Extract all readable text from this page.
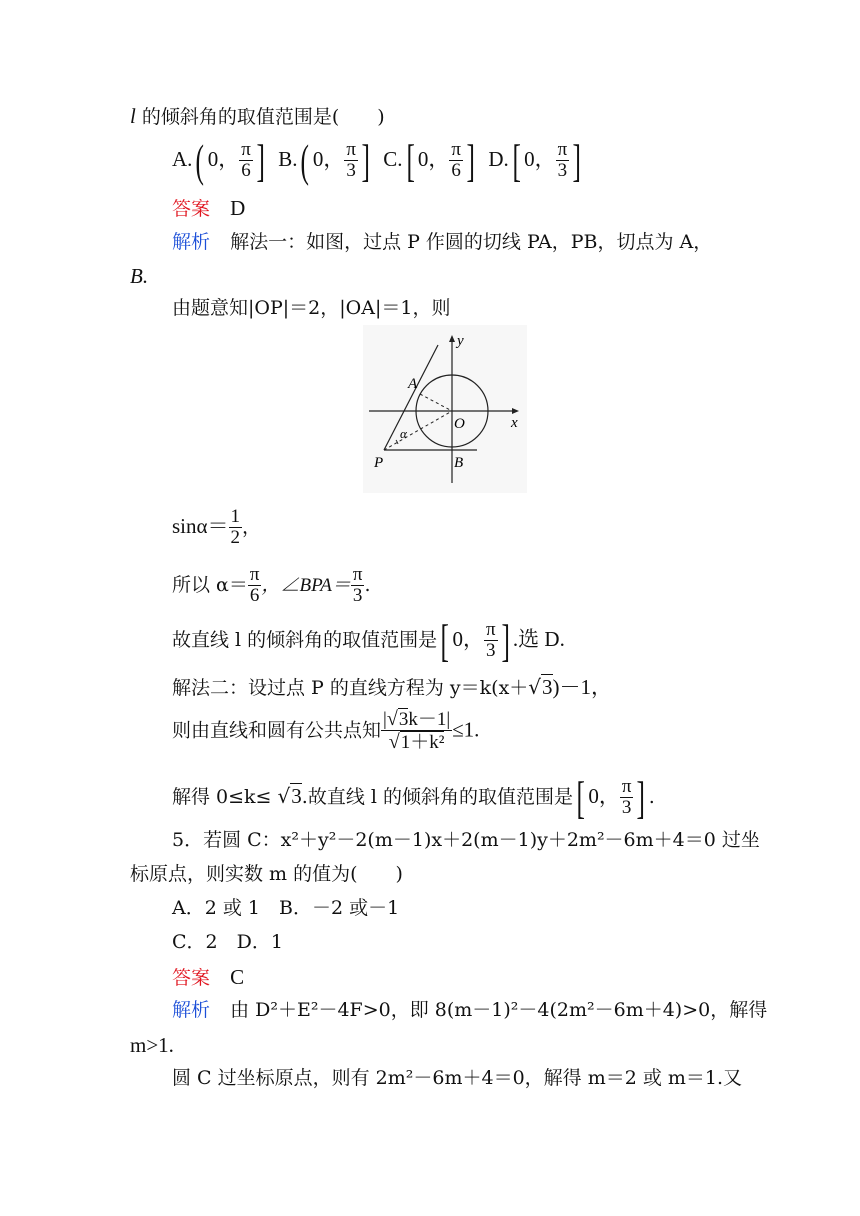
l 的倾斜角的取值范围是(　　)
A.( 0， $\frac{\pi}{6}$ ] B.( 0， $\frac{\pi}{3}$ ] C.[ 0， $\frac{\pi}{6}$ ] D.[ 0， $\frac{\pi}{3}$ ]
答案 D
解析 解法一：如图，过点 P 作圆的切线 PA，PB，切点为 A，
B.
由题意知|OP|＝2，|OA|＝1，则
y
x
A
O
P	B
α
$\sin\alpha= \frac{1}{2}$ ，
所以 $\alpha= \frac{\pi}{6}$ ，∠BPA＝ $\frac{\pi}{3}$ .
故直线 l 的倾斜角的取值范围是[ 0， $\frac{\pi}{3}$ ] .选 D.
解法二：设过点 P 的直线方程为 y＝k(x＋√3)－1，
则由直线和圆有公共点知 $\frac{|√3k-1|}{\text{√1＋k²}} \le 1$.
解得 0≤k≤ √3.故直线 l 的倾斜角的取值范围是[ 0， $\frac{\pi}{3}$ ] .
5．若圆 C：x²＋y²－2(m－1)x＋2(m－1)y＋2m²－6m＋4＝0 过坐
标原点，则实数 m 的值为(　　)
A．2 或 1　B．－2 或－1
C．2　D．1
答案 C
解析 由 D²＋E²－4F>0，即 8(m－1)²－4(2m²－6m＋4)>0，解得
m>1.
圆 C 过坐标原点，则有 2m²－6m＋4＝0，解得 m＝2 或 m＝1.又
